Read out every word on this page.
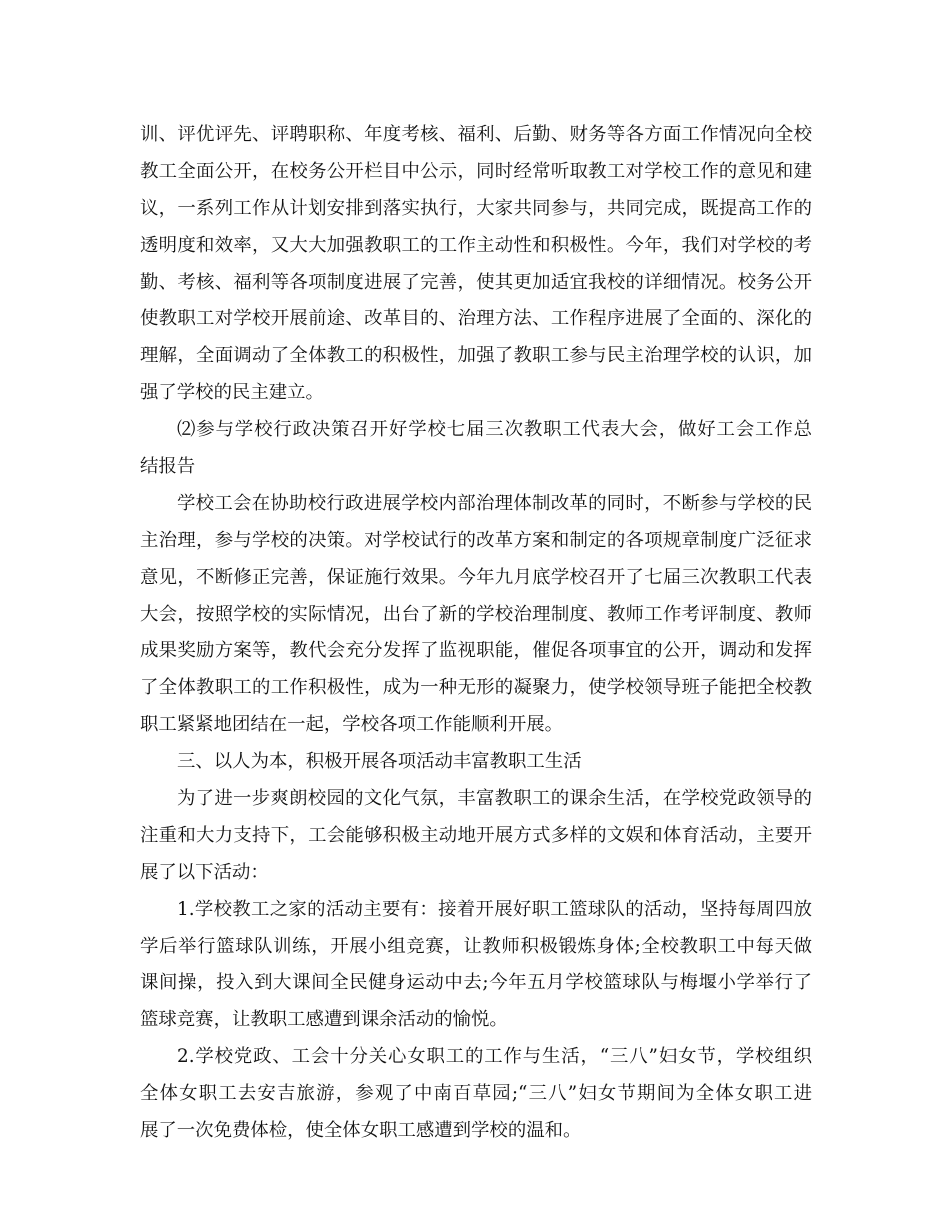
训、评优评先、评聘职称、年度考核、福利、后勤、财务等各方面工作情况向全校
教工全面公开，在校务公开栏目中公示，同时经常听取教工对学校工作的意见和建
议，一系列工作从计划安排到落实执行，大家共同参与，共同完成，既提高工作的
透明度和效率，又大大加强教职工的工作主动性和积极性。今年，我们对学校的考
勤、考核、福利等各项制度进展了完善，使其更加适宜我校的详细情况。校务公开
使教职工对学校开展前途、改革目的、治理方法、工作程序进展了全面的、深化的
理解，全面调动了全体教工的积极性，加强了教职工参与民主治理学校的认识，加
强了学校的民主建立。
⑵参与学校行政决策召开好学校七届三次教职工代表大会，做好工会工作总
结报告
学校工会在协助校行政进展学校内部治理体制改革的同时，不断参与学校的民
主治理，参与学校的决策。对学校试行的改革方案和制定的各项规章制度广泛征求
意见，不断修正完善，保证施行效果。今年九月底学校召开了七届三次教职工代表
大会，按照学校的实际情况，出台了新的学校治理制度、教师工作考评制度、教师
成果奖励方案等，教代会充分发挥了监视职能，催促各项事宜的公开，调动和发挥
了全体教职工的工作积极性，成为一种无形的凝聚力，使学校领导班子能把全校教
职工紧紧地团结在一起，学校各项工作能顺利开展。
三、以人为本，积极开展各项活动丰富教职工生活
为了进一步爽朗校园的文化气氛，丰富教职工的课余生活，在学校党政领导的
注重和大力支持下，工会能够积极主动地开展方式多样的文娱和体育活动，主要开
展了以下活动：
1.学校教工之家的活动主要有：接着开展好职工篮球队的活动，坚持每周四放
学后举行篮球队训练，开展小组竞赛，让教师积极锻炼身体;全校教职工中每天做
课间操，投入到大课间全民健身运动中去;今年五月学校篮球队与梅堰小学举行了
篮球竞赛，让教职工感遭到课余活动的愉悦。
2.学校党政、工会十分关心女职工的工作与生活，“三八”妇女节，学校组织
全体女职工去安吉旅游，参观了中南百草园;“三八”妇女节期间为全体女职工进
展了一次免费体检，使全体女职工感遭到学校的温和。
